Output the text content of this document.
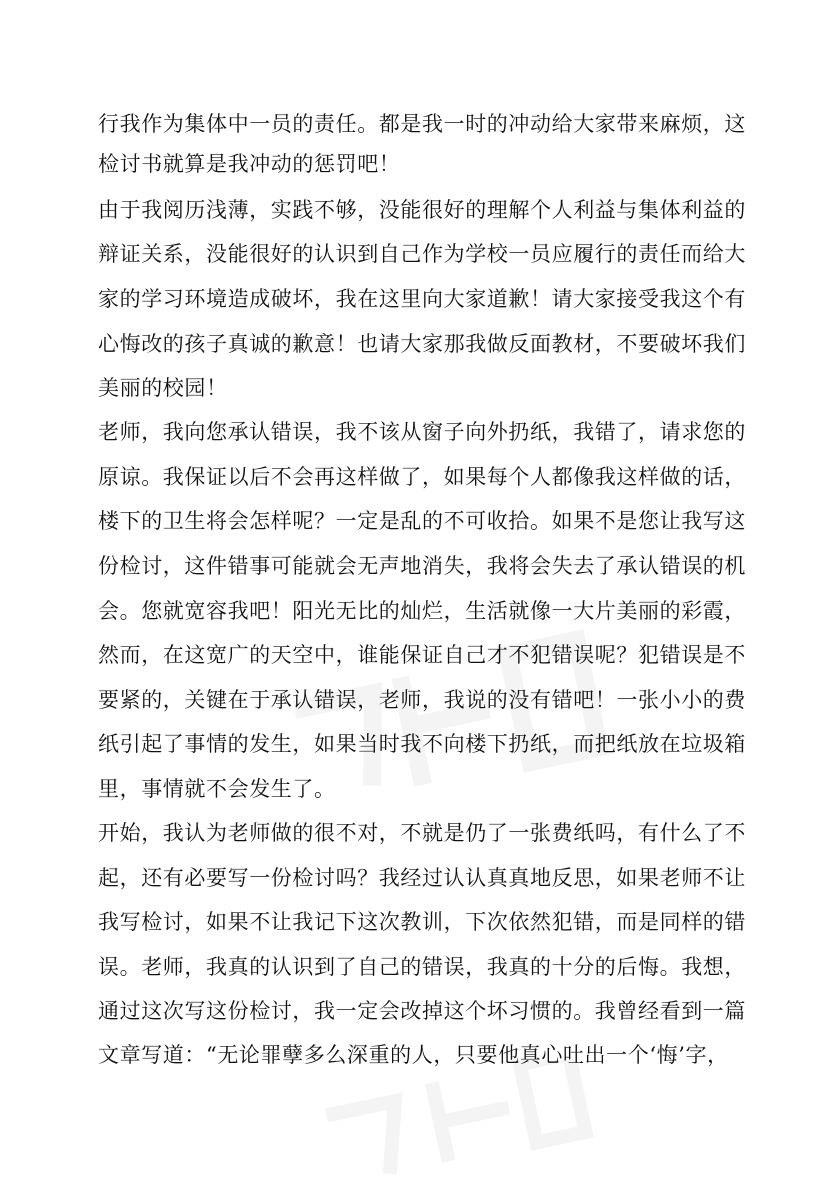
行我作为集体中一员的责任。都是我一时的冲动给大家带来麻烦，这
检讨书就算是我冲动的惩罚吧！
由于我阅历浅薄，实践不够，没能很好的理解个人利益与集体利益的
辩证关系，没能很好的认识到自己作为学校一员应履行的责任而给大
家的学习环境造成破坏，我在这里向大家道歉！请大家接受我这个有
心悔改的孩子真诚的歉意！也请大家那我做反面教材，不要破坏我们
美丽的校园！
老师，我向您承认错误，我不该从窗子向外扔纸，我错了，请求您的
原谅。我保证以后不会再这样做了，如果每个人都像我这样做的话，
楼下的卫生将会怎样呢？一定是乱的不可收拾。如果不是您让我写这
份检讨，这件错事可能就会无声地消失，我将会失去了承认错误的机
会。您就宽容我吧！阳光无比的灿烂，生活就像一大片美丽的彩霞，
然而，在这宽广的天空中，谁能保证自己才不犯错误呢？犯错误是不
要紧的，关键在于承认错误，老师，我说的没有错吧！一张小小的费
纸引起了事情的发生，如果当时我不向楼下扔纸，而把纸放在垃圾箱
里，事情就不会发生了。
开始，我认为老师做的很不对，不就是仍了一张费纸吗，有什么了不
起，还有必要写一份检讨吗？我经过认认真真地反思，如果老师不让
我写检讨，如果不让我记下这次教训，下次依然犯错，而是同样的错
误。老师，我真的认识到了自己的错误，我真的十分的后悔。我想，
通过这次写这份检讨，我一定会改掉这个坏习惯的。我曾经看到一篇
文章写道：“无论罪孽多么深重的人，只要他真心吐出一个‘悔’字，
